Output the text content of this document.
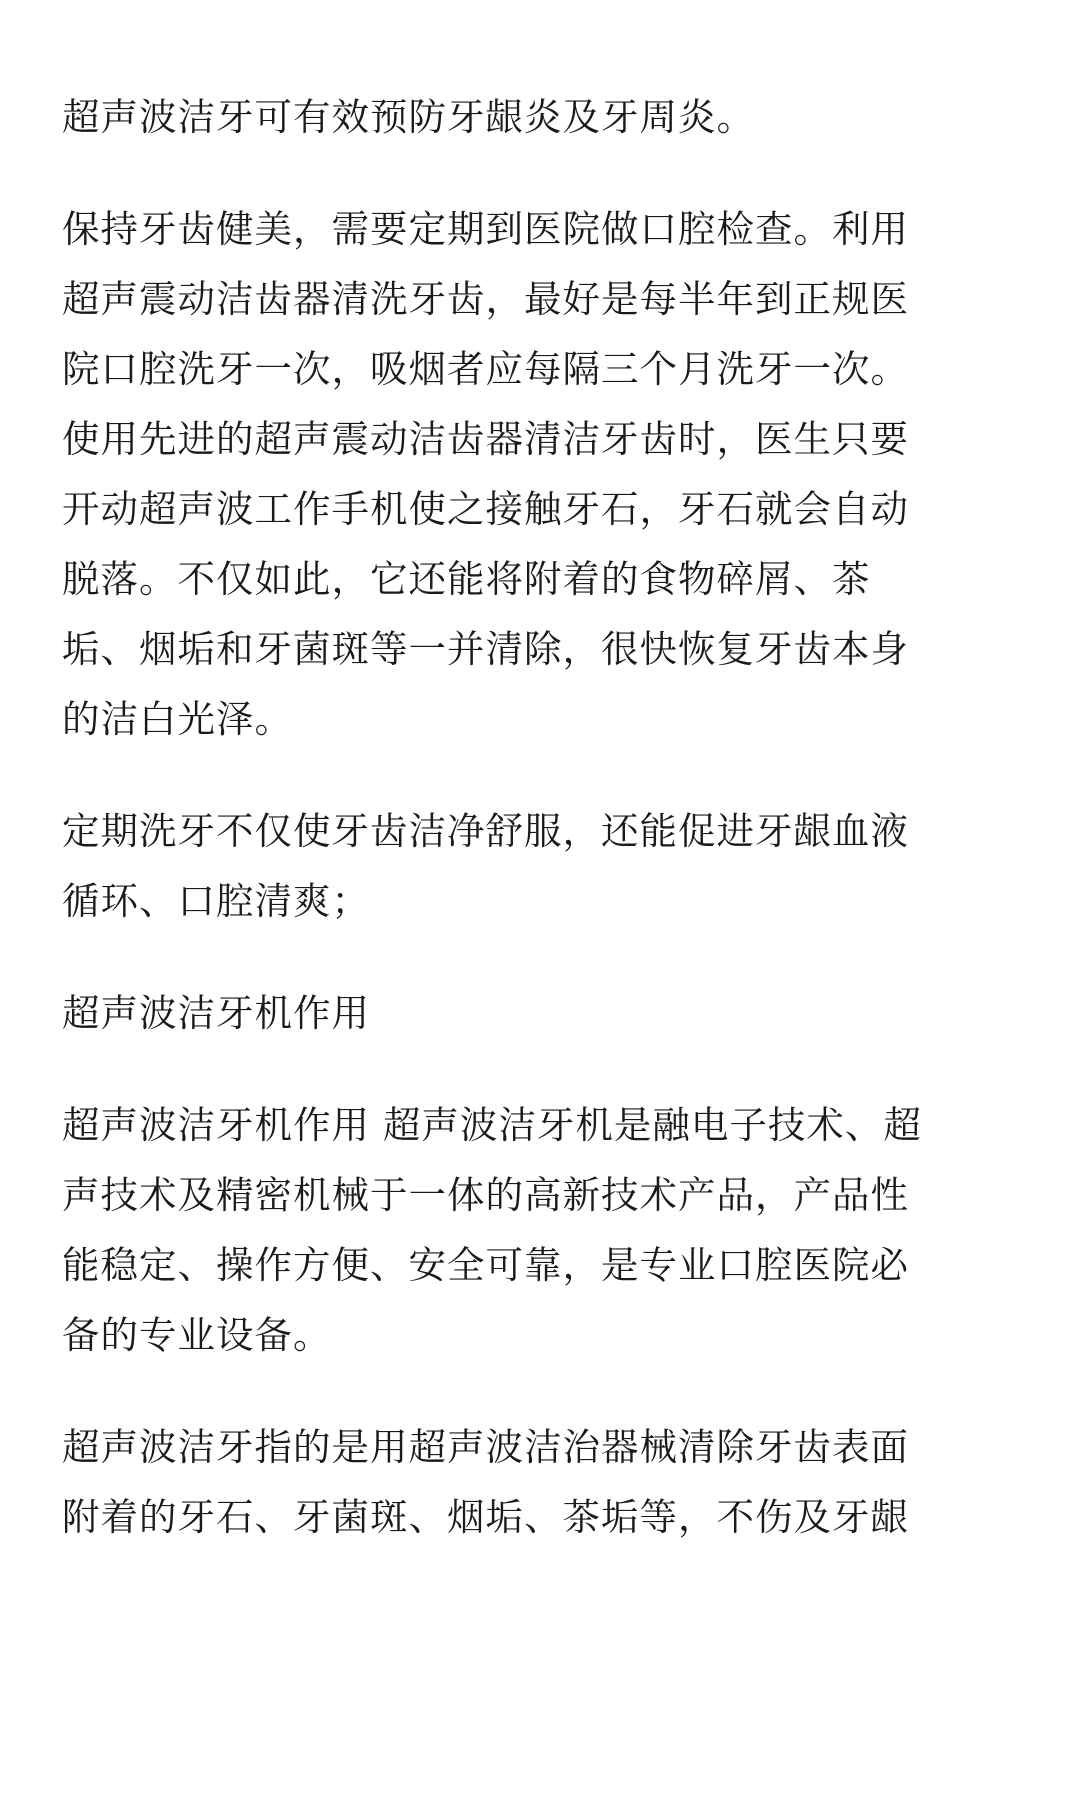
超声波洁牙可有效预防牙龈炎及牙周炎。

保持牙齿健美，需要定期到医院做口腔检查。利用
超声震动洁齿器清洗牙齿，最好是每半年到正规医
院口腔洗牙一次，吸烟者应每隔三个月洗牙一次。
使用先进的超声震动洁齿器清洁牙齿时，医生只要
开动超声波工作手机使之接触牙石，牙石就会自动
脱落。不仅如此，它还能将附着的食物碎屑、茶
垢、烟垢和牙菌斑等一并清除，很快恢复牙齿本身
的洁白光泽。

定期洗牙不仅使牙齿洁净舒服，还能促进牙龈血液
循环、口腔清爽；

超声波洁牙机作用

超声波洁牙机作用 超声波洁牙机是融电子技术、超
声技术及精密机械于一体的高新技术产品，产品性
能稳定、操作方便、安全可靠，是专业口腔医院必
备的专业设备。

超声波洁牙指的是用超声波洁治器械清除牙齿表面
附着的牙石、牙菌斑、烟垢、茶垢等，不伤及牙龈
